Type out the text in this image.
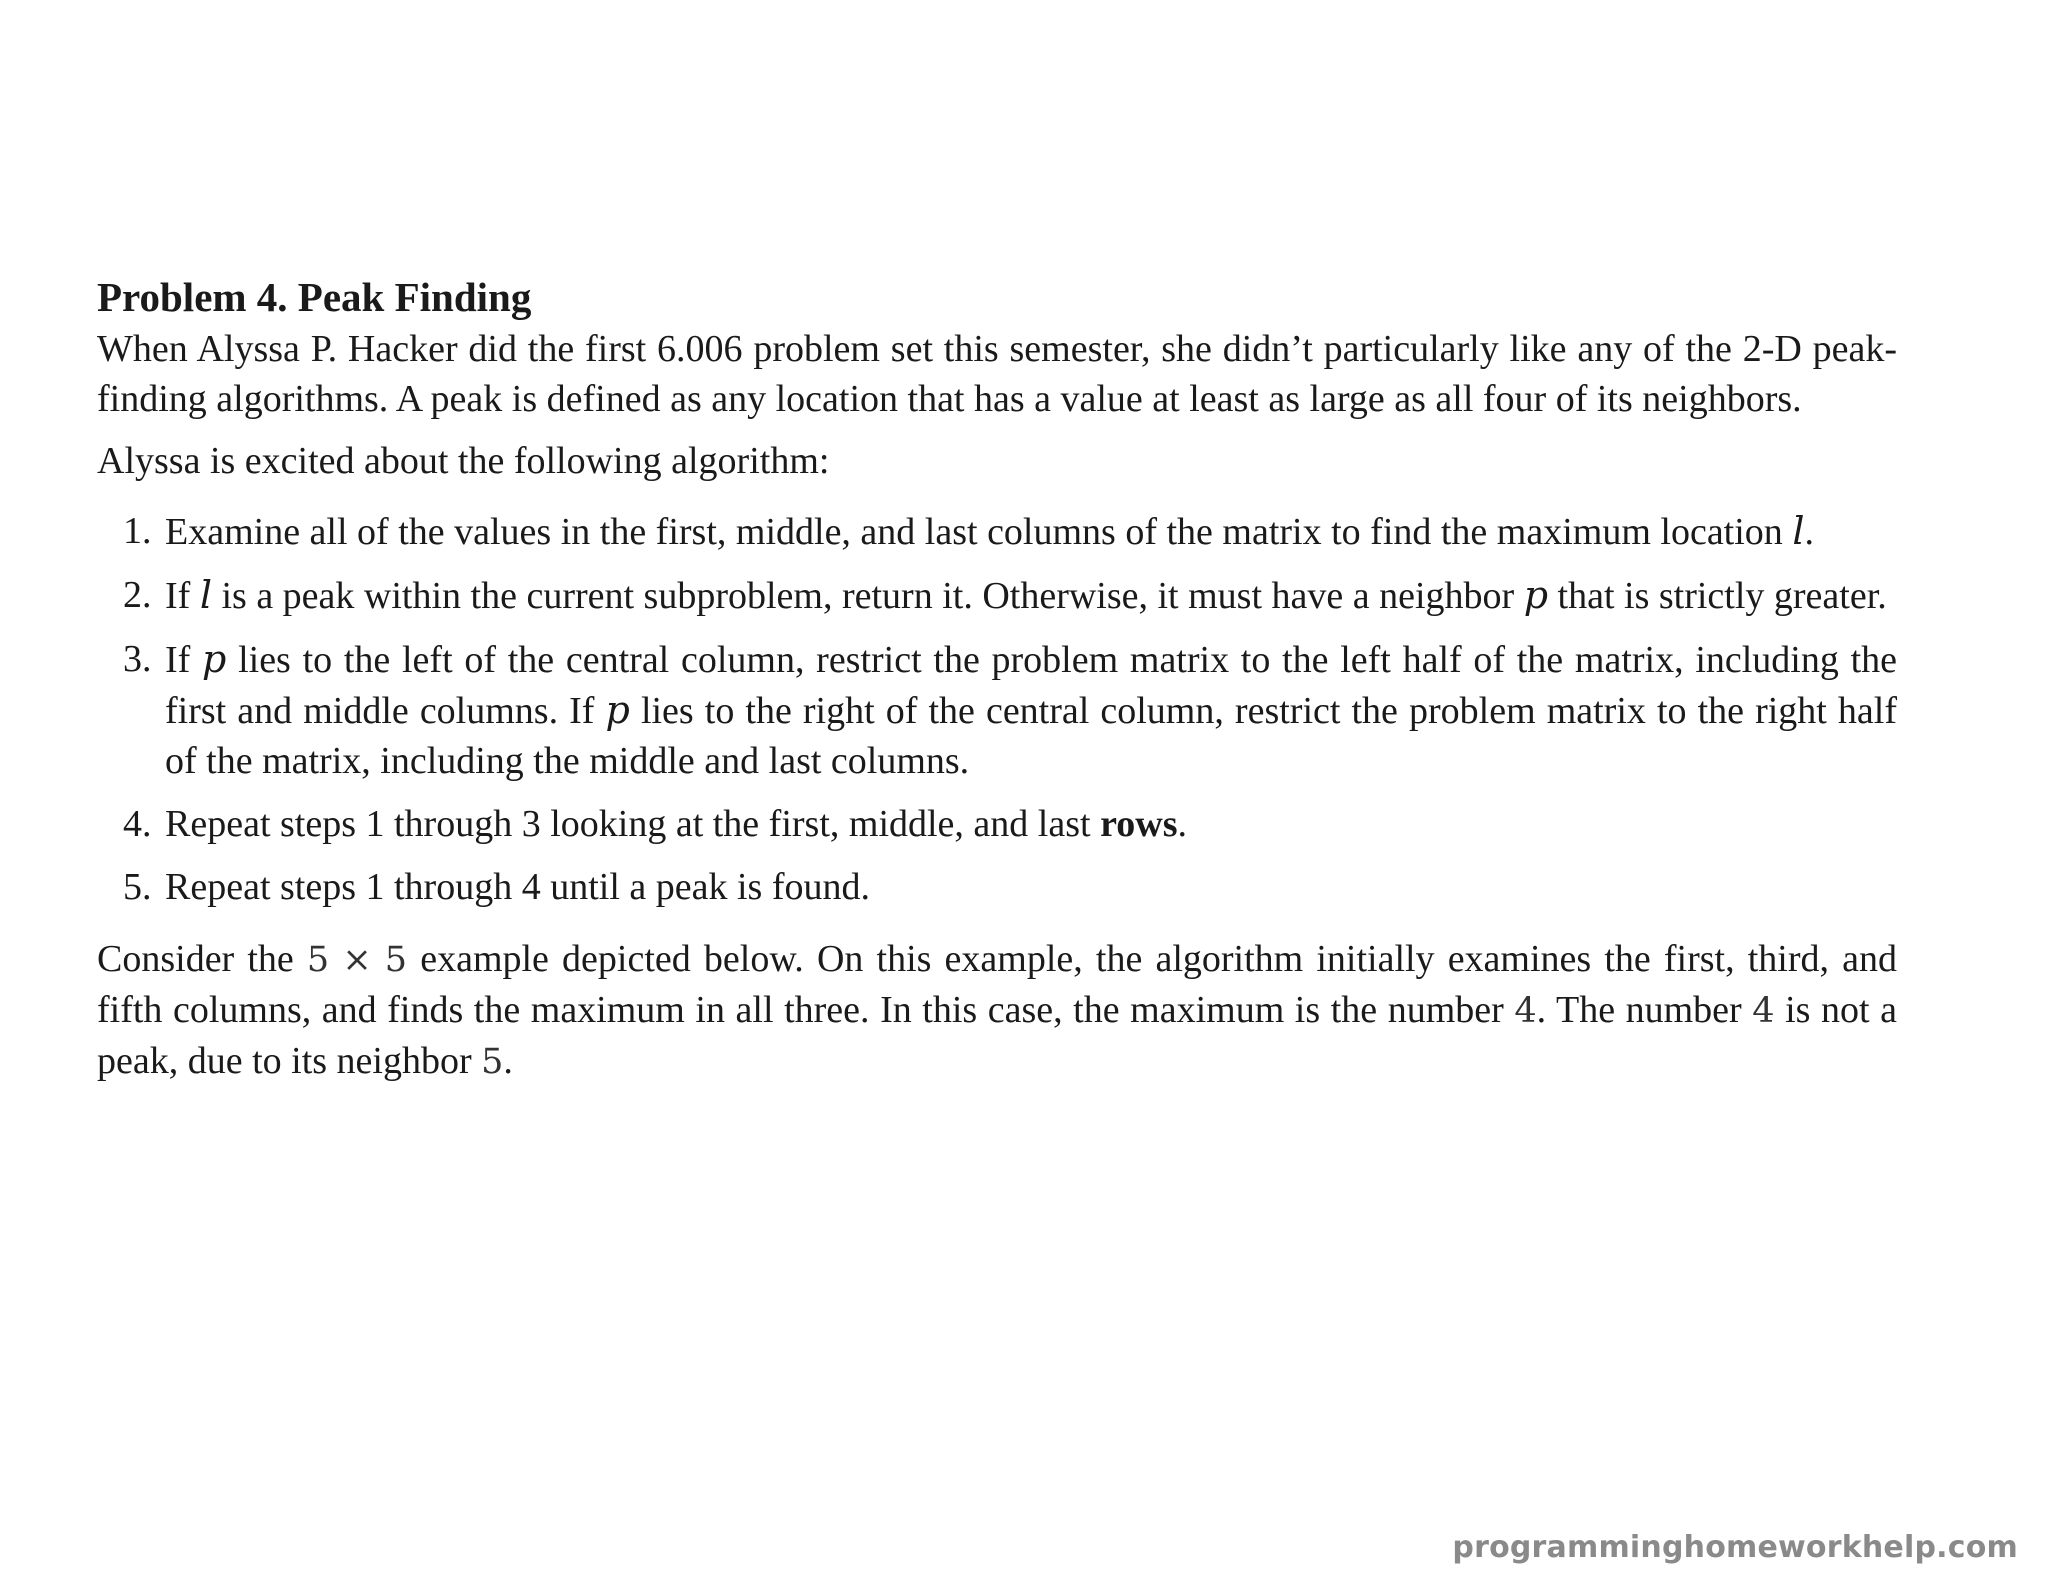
Problem 4. Peak Finding

When Alyssa P. Hacker did the first 6.006 problem set this semester, she didn’t particularly like any of the 2-D peak-finding algorithms. A peak is defined as any location that has a value at least as large as all four of its neighbors.

Alyssa is excited about the following algorithm:

1. Examine all of the values in the first, middle, and last columns of the matrix to find the maximum location l.
2. If l is a peak within the current subproblem, return it. Otherwise, it must have a neighbor p that is strictly greater.
3. If p lies to the left of the central column, restrict the problem matrix to the left half of the matrix, including the first and middle columns. If p lies to the right of the central column, restrict the problem matrix to the right half of the matrix, including the middle and last columns.
4. Repeat steps 1 through 3 looking at the first, middle, and last rows.
5. Repeat steps 1 through 4 until a peak is found.

Consider the 5 × 5 example depicted below. On this example, the algorithm initially examines the first, third, and fifth columns, and finds the maximum in all three. In this case, the maximum is the number 4. The number 4 is not a peak, due to its neighbor 5.

programminghomeworkhelp.com
